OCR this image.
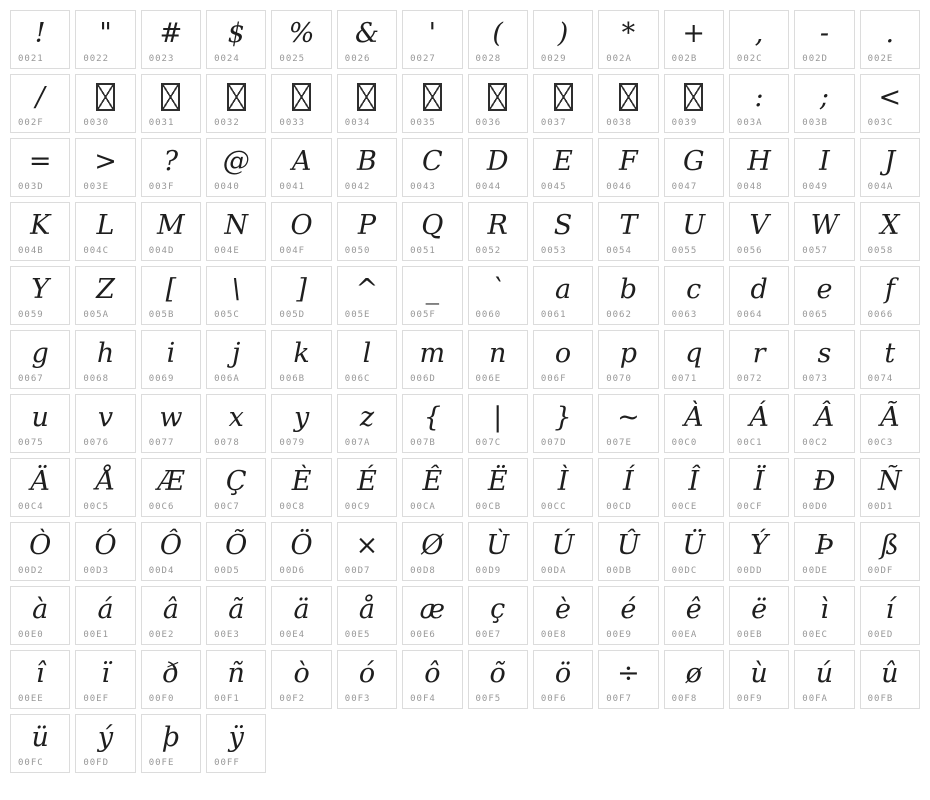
!
0021
"
0022
#
0023
$
0024
%
0025
&
0026
'
0027
(
0028
)
0029
*
002A
+
002B
,
002C
-
002D
.
002E
/
002F	0030	0031	0032	0033	0034	0035	0036	0037	0038	0039
:
003A
;
003B
<
003C
=
003D
>
003E
?
003F
@
0040
A
0041
B
0042
C
0043
D
0044
E
0045
F
0046
G
0047
H
0048
I
0049
J
004A
K
004B
L
004C
M
004D
N
004E
O
004F
P
0050
Q
0051
R
0052
S
0053
T
0054
U
0055
V
0056
W
0057
X
0058
Y
0059
Z
005A
[
005B
\
005C
]
005D
^
005E
_
005F
`
0060
a
0061
b
0062
c
0063
d
0064
e
0065
f
0066
g
0067
h
0068
i
0069
j
006A
k
006B
l
006C
m
006D
n
006E
o
006F
p
0070
q
0071
r
0072
s
0073
t
0074
u
0075
v
0076
w
0077
x
0078
y
0079
z
007A
{
007B
|
007C
}
007D
~
007E
À
00C0
Á
00C1
Â
00C2
Ã
00C3
Ä
00C4
Å
00C5
Æ
00C6
Ç
00C7
È
00C8
É
00C9
Ê
00CA
Ë
00CB
Ì
00CC
Í
00CD
Î
00CE
Ï
00CF
Ð
00D0
Ñ
00D1
Ò
00D2
Ó
00D3
Ô
00D4
Õ
00D5
Ö
00D6
×
00D7
Ø
00D8
Ù
00D9
Ú
00DA
Û
00DB
Ü
00DC
Ý
00DD
Þ
00DE
ß
00DF
à
00E0
á
00E1
â
00E2
ã
00E3
ä
00E4
å
00E5
æ
00E6
ç
00E7
è
00E8
é
00E9
ê
00EA
ë
00EB
ì
00EC
í
00ED
î
00EE
ï
00EF
ð
00F0
ñ
00F1
ò
00F2
ó
00F3
ô
00F4
õ
00F5
ö
00F6
÷
00F7
ø
00F8
ù
00F9
ú
00FA
û
00FB
ü
00FC
ý
00FD
þ
00FE
ÿ
00FF
